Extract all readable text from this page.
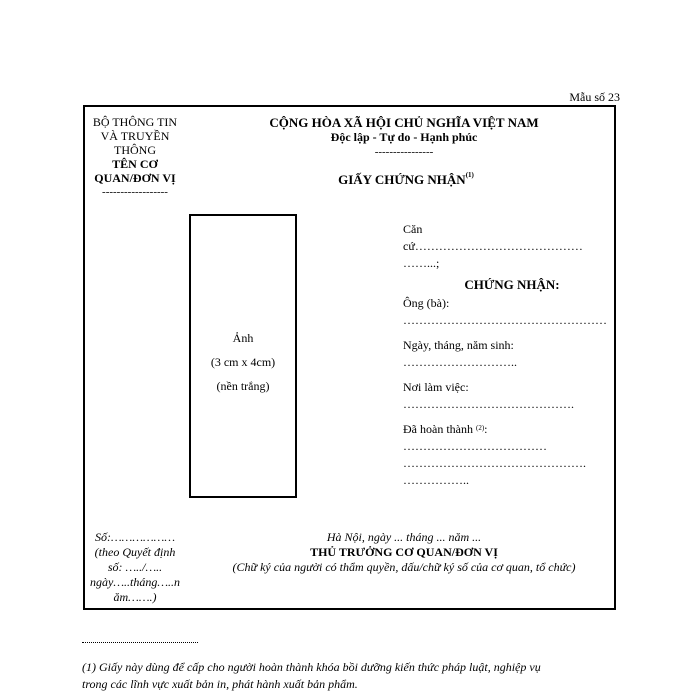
Mẫu số 23
BỘ THÔNG TIN
VÀ TRUYỀN
THÔNG
TÊN CƠ
QUAN/ĐƠN VỊ
------------------
CỘNG HÒA XÃ HỘI CHỦ NGHĨA VIỆT NAM
Độc lập - Tự do - Hạnh phúc
----------------
GIẤY CHỨNG NHẬN$^{(1)}$
Ảnh
(3 cm x 4cm)
(nền trắng)
Căn
cứ……………………………………
……...;
CHỨNG NHẬN:
Ông (bà):
……………………………………………
Ngày, tháng, năm sinh:
………………………..
Nơi làm việc:
…………………………………….
Đã hoàn thành $^{(2)}$:
………………………………
……………………………………….
……………..
Số:………………
(theo Quyết định
số: …../…..
ngày…..tháng…..n
ăm…….)
Hà Nội, ngày ... tháng ... năm ...
THỦ TRƯỞNG CƠ QUAN/ĐƠN VỊ
(Chữ ký của người có thẩm quyền, dấu/chữ ký số của cơ quan, tổ chức)
(1) Giấy này dùng để cấp cho người hoàn thành khóa bồi dưỡng kiến thức pháp luật, nghiệp vụ
trong các lĩnh vực xuất bản in, phát hành xuất bản phẩm.
